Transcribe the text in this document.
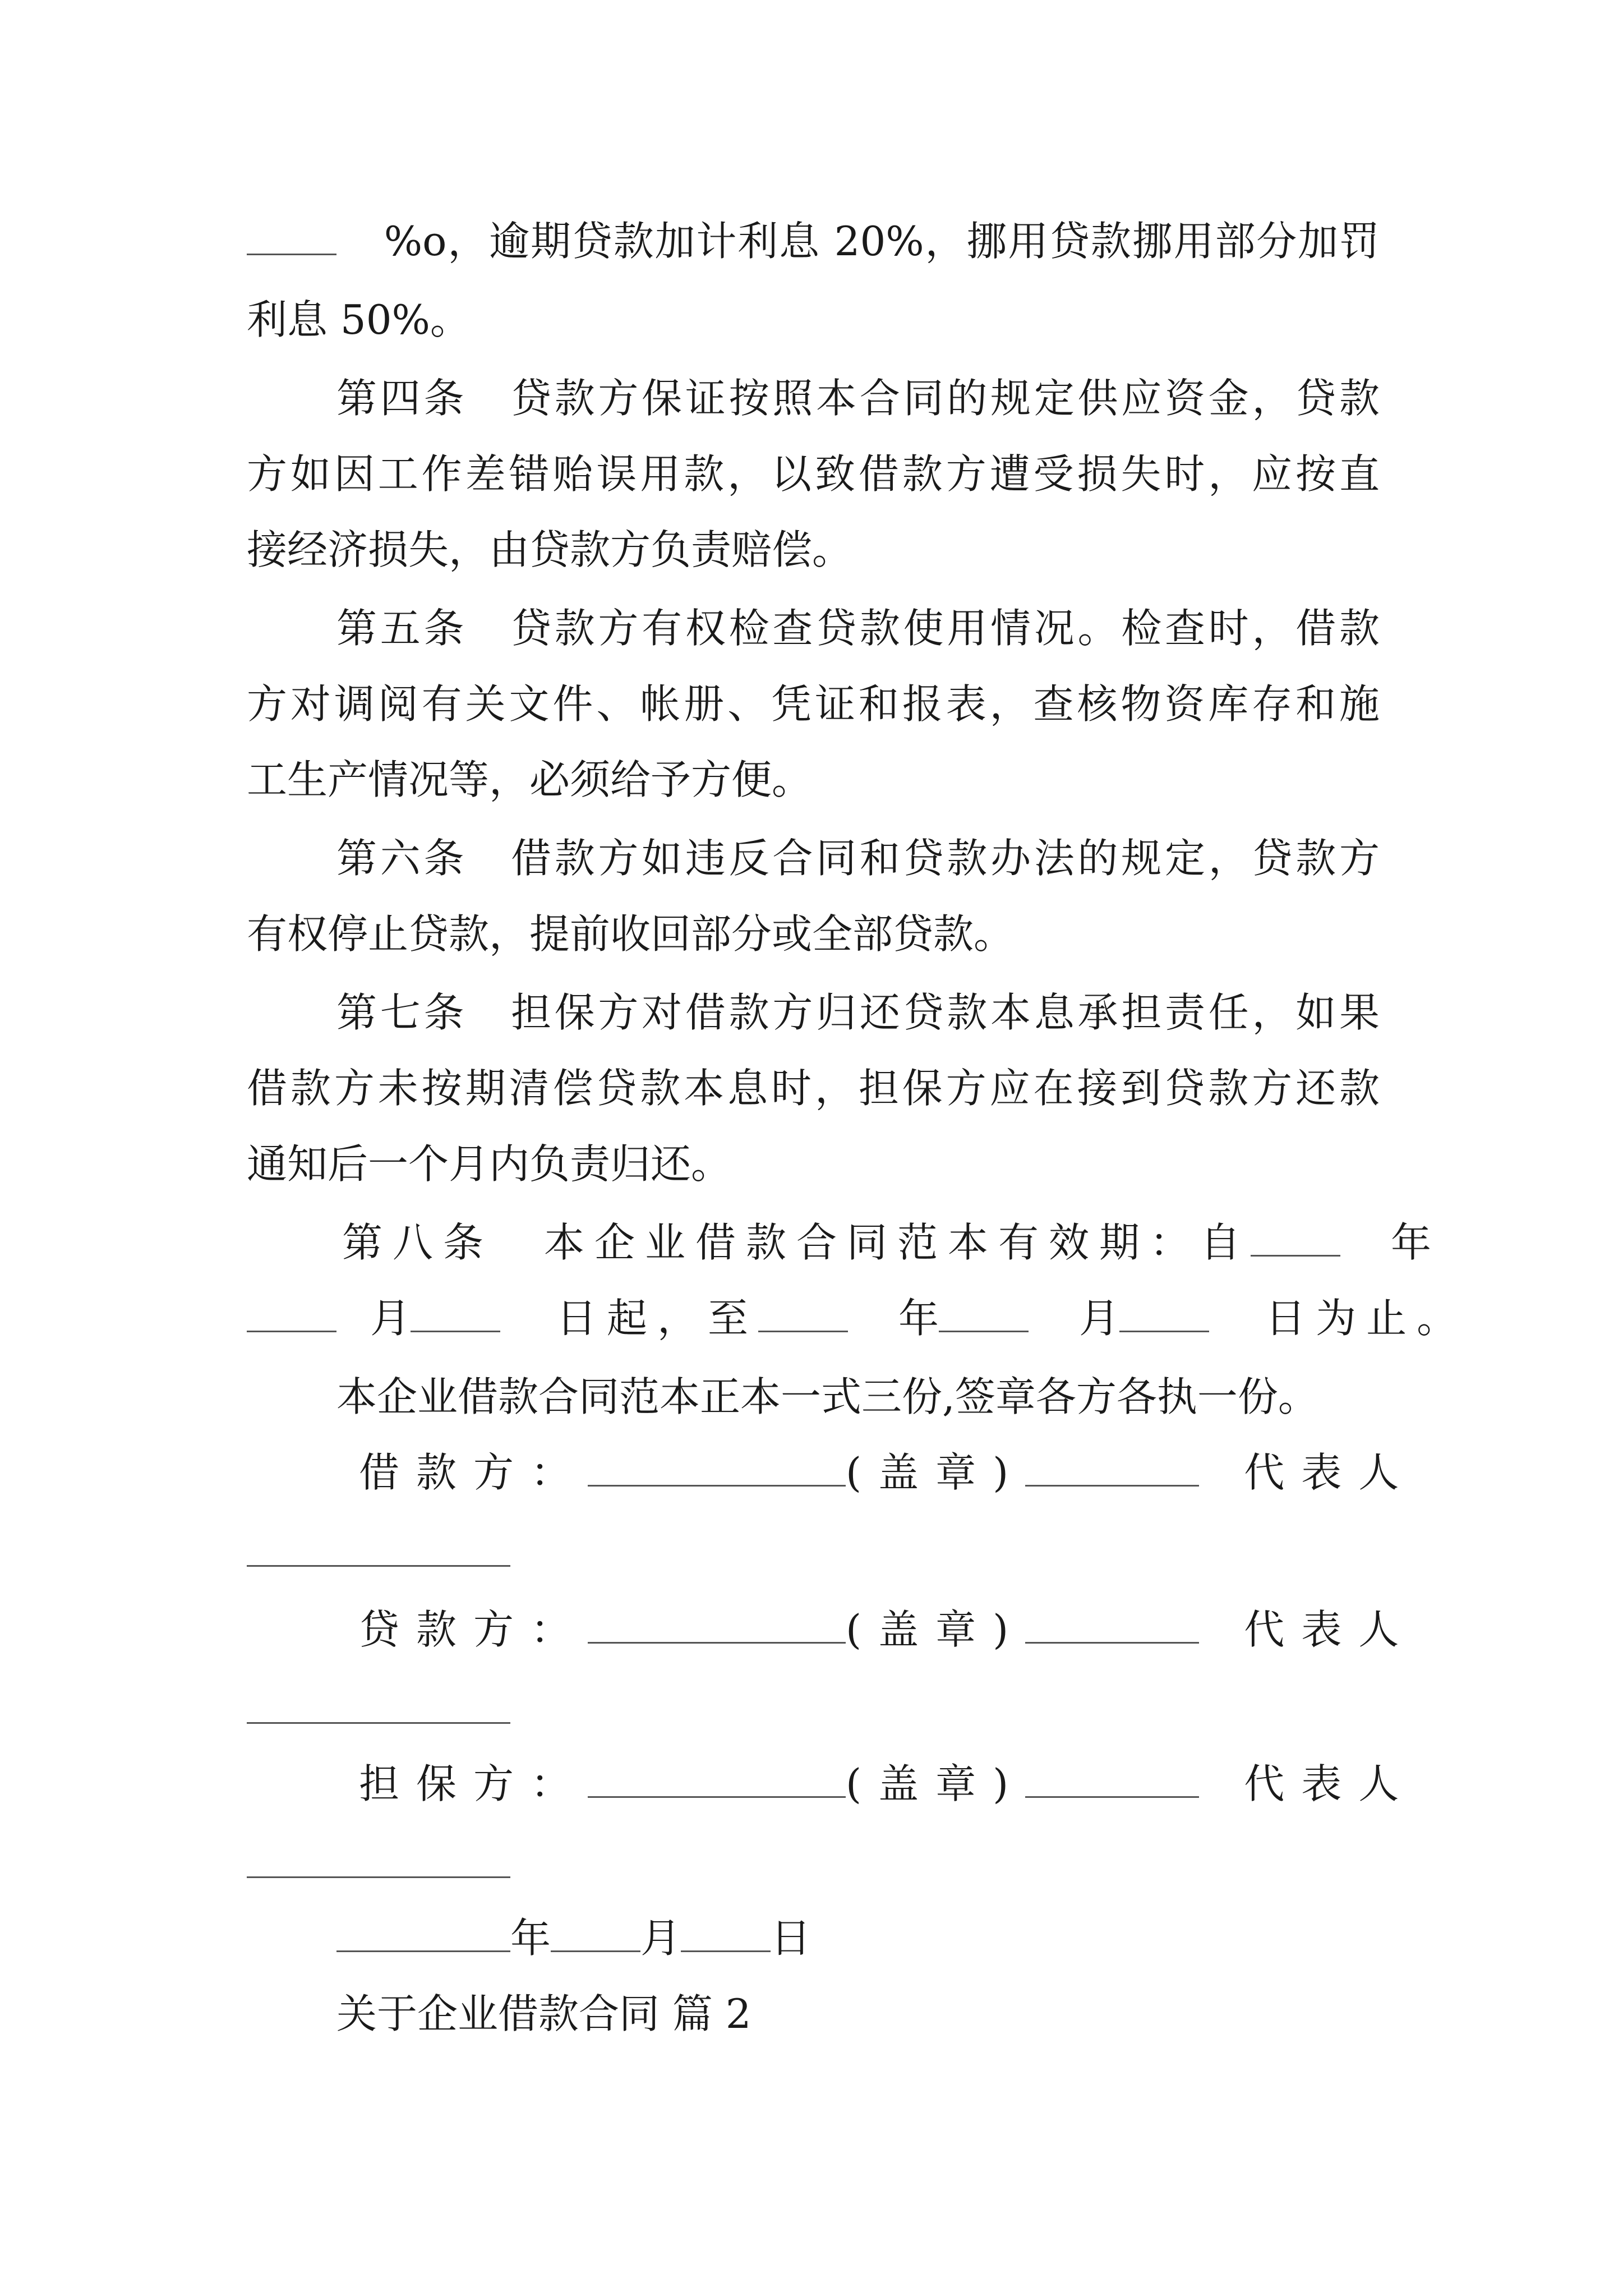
%o，逾期贷款加计利息 20%，挪用贷款挪用部分加罚
利息 50%。
第四条　贷款方保证按照本合同的规定供应资金，贷款
方如因工作差错贻误用款，以致借款方遭受损失时，应按直
接经济损失，由贷款方负责赔偿。
第五条　贷款方有权检查贷款使用情况。检查时，借款
方对调阅有关文件、帐册、凭证和报表，查核物资库存和施
工生产情况等，必须给予方便。
第六条　借款方如违反合同和贷款办法的规定，贷款方
有权停止贷款，提前收回部分或全部贷款。
第七条　担保方对借款方归还贷款本息承担责任，如果
借款方未按期清偿贷款本息时，担保方应在接到贷款方还款
通知后一个月内负责归还。
第八条　本企业借款合同范本有效期：自	年
月	日起，至	年	月	日为止。
本企业借款合同范本正本一式三份,签章各方各执一份。
借款方：	(盖章)	代表人
贷款方：	(盖章)	代表人
担保方：	(盖章)	代表人
年 月 日
关于企业借款合同 篇 2
